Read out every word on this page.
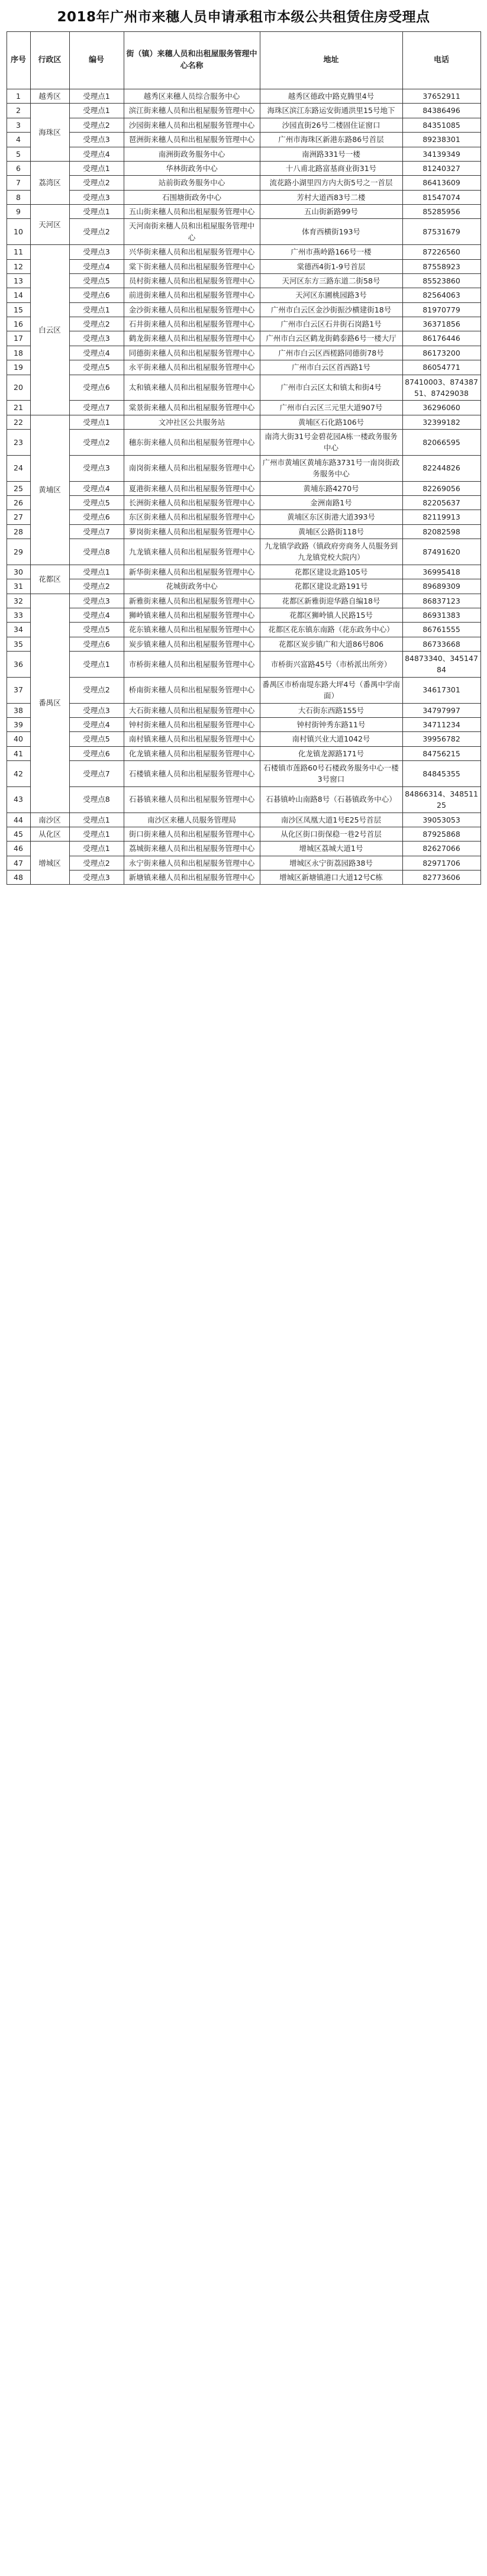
2018年广州市来穗人员申请承租市本级公共租赁住房受理点
序号	行政区	编号	街（镇）来穗人员和出租屋服务管理中心名称	地址	电话
1	越秀区	受理点1	越秀区来穗人员综合服务中心	越秀区德政中路克腾里4号	37652911
2	海珠区	受理点1	滨江街来穗人员和出租屋服务管理中心	海珠区滨江东路运安街通洪里15号地下	84386496
3		受理点2	沙园街来穗人员和出租屋服务管理中心	沙园直街26号二楼固住证窗口	84351085
4		受理点3	琶洲街来穗人员和出租屋服务管理中心	广州市海珠区新港东路86号首层	89238301
5		受理点4	南洲街政务服务中心	南洲路331号一楼	34139349
6	荔湾区	受理点1	华林街政务中心	十八甫北路富基商业街31号	81240327
7		受理点2	站前街政务服务中心	流花路小湖里四方内大街5号之一首层	86413609
8		受理点3	石围塘街政务中心	芳村大道西83号二楼	81547074
9	天河区	受理点1	五山街来穗人员和出租屋服务管理中心	五山街新路99号	85285956
10		受理点2	天河南街来穗人员和出租屋服务管理中心	体育西横街193号	87531679
11	白云区	受理点3	兴华街来穗人员和出租屋服务管理中心	广州市燕岭路166号一楼	87226560
12		受理点4	棠下街来穗人员和出租屋服务管理中心	棠德西4街1-9号首层	87558923
13		受理点5	员村街来穗人员和出租屋服务管理中心	天河区东方三路东道二街58号	85523860
14		受理点6	前进街来穗人员和出租屋服务管理中心	天河区东圃桃园路3号	82564063
15		受理点1	金沙街来穗人员和出租屋服务管理中心	广州市白云区金沙街振沙横建街18号	81970779
16		受理点2	石井街来穗人员和出租屋服务管理中心	广州市白云区石井街石岗路1号	36371856
17		受理点3	鹤龙街来穗人员和出租屋服务管理中心	广州市白云区鹤龙街鹤泰路6号一楼大厅	86176446
18		受理点4	同德街来穗人员和出租屋服务管理中心	广州市白云区西槎路同德街78号	86173200
19		受理点5	永平街来穗人员和出租屋服务管理中心	广州市白云区首西路1号	86054771
20		受理点6	太和镇来穗人员和出租屋服务管理中心	广州市白云区太和镇太和街4号	87410003、87438751、87429038
21		受理点7	棠景街来穗人员和出租屋服务管理中心	广州市白云区三元里大道907号	36296060
22	黄埔区	受理点1	文冲社区公共服务站	黄埔区石化路106号	32399182
23		受理点2	穗东街来穗人员和出租屋服务管理中心	南湾大街31号金碧花园A栋一楼政务服务中心	82066595
24		受理点3	南岗街来穗人员和出租屋服务管理中心	广州市黄埔区黄埔东路3731号一南岗街政务服务中心	82244826
25		受理点4	夏港街来穗人员和出租屋服务管理中心	黄埔东路4270号	82269056
26		受理点5	长洲街来穗人员和出租屋服务管理中心	金洲南路1号	82205637
27		受理点6	东区街来穗人员和出租屋服务管理中心	黄埔区东区街港大道393号	82119913
28		受理点7	萝岗街来穗人员和出租屋服务管理中心	黄埔区公路街118号	82082598
29		受理点8	九龙镇来穗人员和出租屋服务管理中心	九龙镇学政路（镇政府旁商务人员服务到九龙镇党校大院内）	87491620
30	花都区	受理点1	新华街来穗人员和出租屋服务管理中心	花都区建设北路105号	36995418
31		受理点2	花城街政务中心	花都区建设北路191号	89689309
32	番禺区	受理点3	新雅街来穗人员和出租屋服务管理中心	花都区新雅街迎华路自编18号	86837123
33		受理点4	狮岭镇来穗人员和出租屋服务管理中心	花都区狮岭镇人民路15号	86931383
34		受理点5	花东镇来穗人员和出租屋服务管理中心	花都区花东镇东南路（花东政务中心）	86761555
35		受理点6	炭步镇来穗人员和出租屋服务管理中心	花都区炭步镇广和大道86号806	86733668
36		受理点1	市桥街来穗人员和出租屋服务管理中心	市桥街兴富路45号（市桥派出所旁）	84873340、34514784
37		受理点2	桥南街来穗人员和出租屋服务管理中心	番禺区市桥南堤东路大坪4号（番禺中学南面）	34617301
38		受理点3	大石街来穗人员和出租屋服务管理中心	大石街东西路155号	34797997
39		受理点4	钟村街来穗人员和出租屋服务管理中心	钟村街钟秀东路11号	34711234
40		受理点5	南村镇来穗人员和出租屋服务管理中心	南村镇兴业大道1042号	39956782
41		受理点6	化龙镇来穗人员和出租屋服务管理中心	化龙镇龙源路171号	84756215
42		受理点7	石楼镇来穗人员和出租屋服务管理中心	石楼镇市莲路60号石楼政务服务中心一楼3号窗口	84845355
43		受理点8	石碁镇来穗人员和出租屋服务管理中心	石碁镇岭山南路8号（石碁镇政务中心）	84866314、34851125
44	南沙区	受理点1	南沙区来穗人员服务管理局	南沙区凤凰大道1号E25号首层	39053053
45	从化区	受理点1	街口街来穗人员和出租屋服务管理中心	从化区街口街保稳一巷2号首层	87925868
46	增城区	受理点1	荔城街来穗人员和出租屋服务管理中心	增城区荔城大道1号	82627066
47		受理点2	永宁街来穗人员和出租屋服务管理中心	增城区永宁街荔园路38号	82971706
48		受理点3	新塘镇来穗人员和出租屋服务管理中心	增城区新塘镇港口大道12号C栋	82773606
